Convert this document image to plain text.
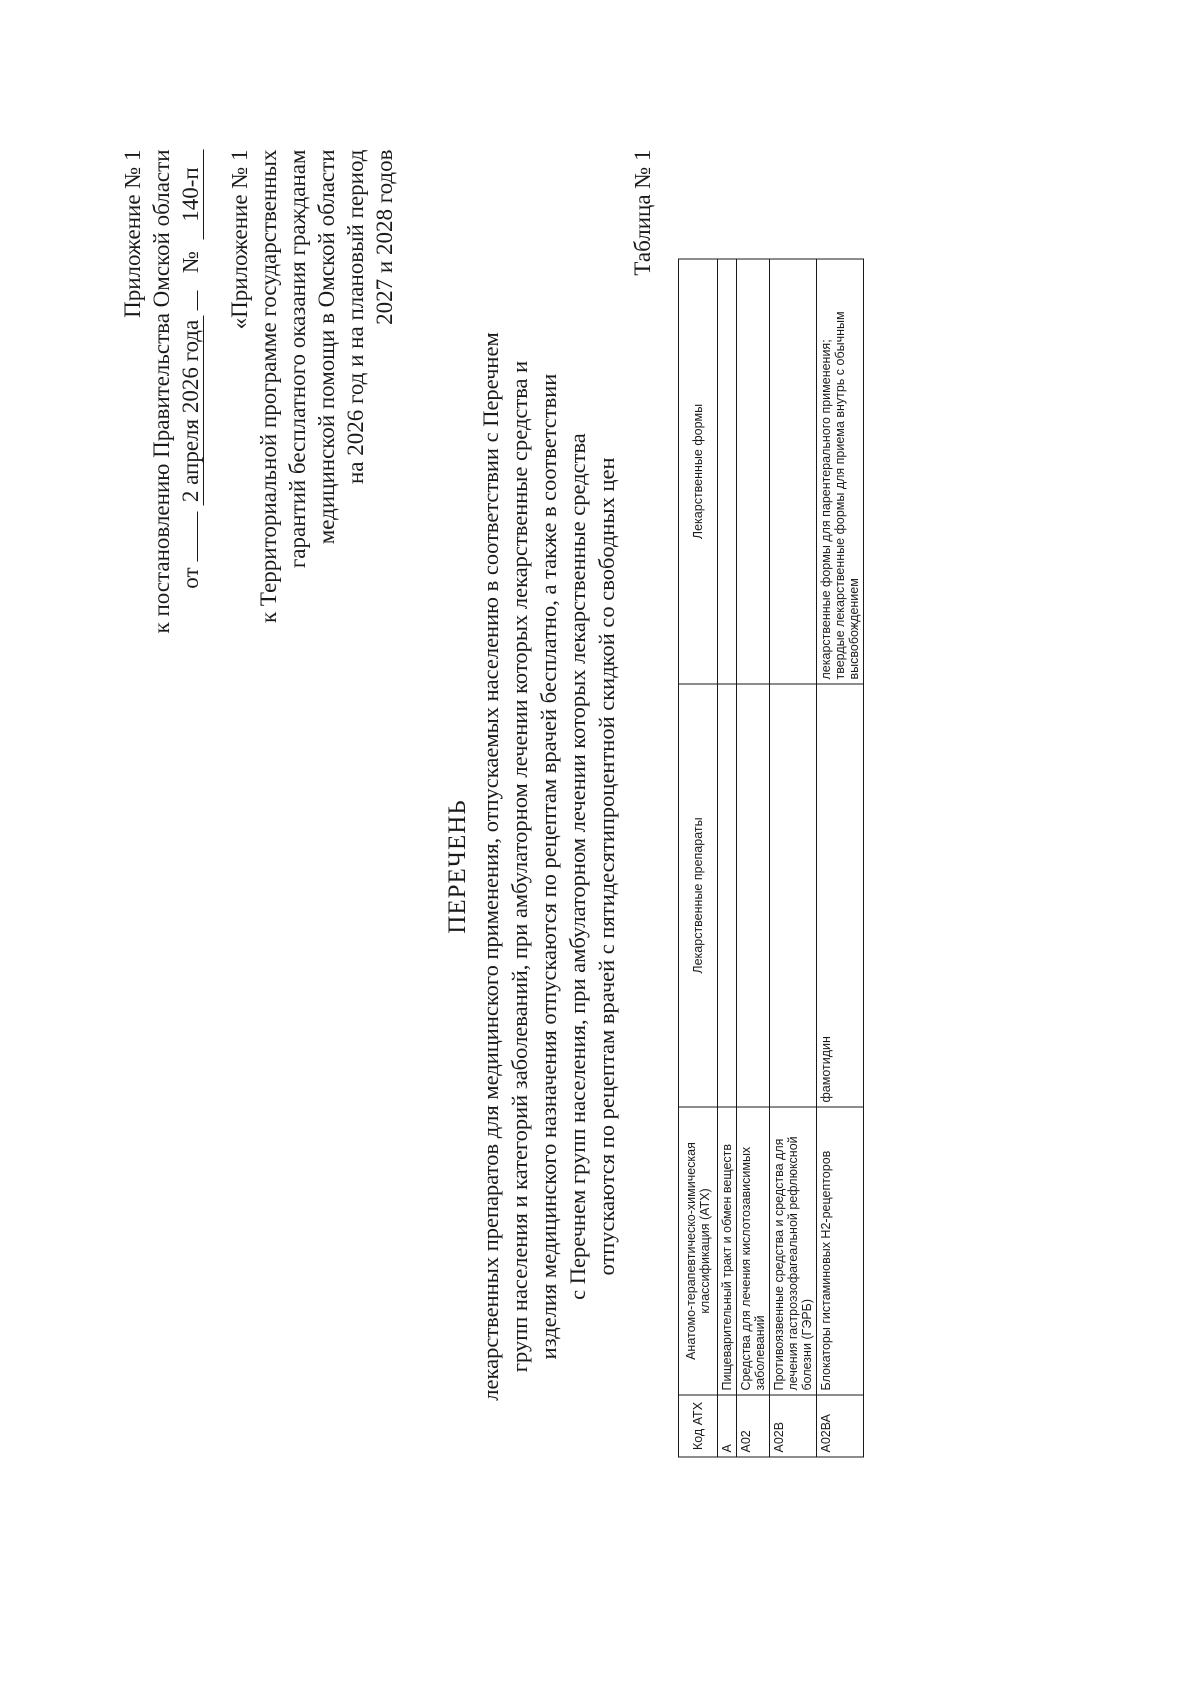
Приложение № 1 к постановлению Правительства Омской области от  2 апреля 2026 года    №  140-п «Приложение № 1 к Территориальной программе государственных гарантий бесплатного оказания гражданам медицинской помощи в Омской области на 2026 год и на плановый период 2027 и 2028 годов
ПЕРЕЧЕНЬ лекарственных препаратов для медицинского применения, отпускаемых населению в соответствии с Перечнем групп населения и категорий заболеваний, при амбулаторном лечении которых лекарственные средства и изделия медицинского назначения отпускаются по рецептам врачей бесплатно, а также в соответствии с Перечнем групп населения, при амбулаторном лечении которых лекарственные средства отпускаются по рецептам врачей с пятидесятипроцентной скидкой со свободных цен

Таблица № 1
Код АТХ	Анатомо-терапевтическо-химическая классификация (АТХ)	Лекарственные препараты	Лекарственные формы
А	Пищеварительный тракт и обмен веществ		
А02	Средства для лечения кислотозависимых заболеваний		
А02В	Противоязвенные средства и средства для лечения гастроэзофагеальной рефлюксной болезни (ГЭРБ)		
А02ВА	Блокаторы гистаминовых Н2-рецепторов	фамотидин	лекарственные формы для парентерального применения; твердые лекарственные формы для приема внутрь с обычным высвобождением
